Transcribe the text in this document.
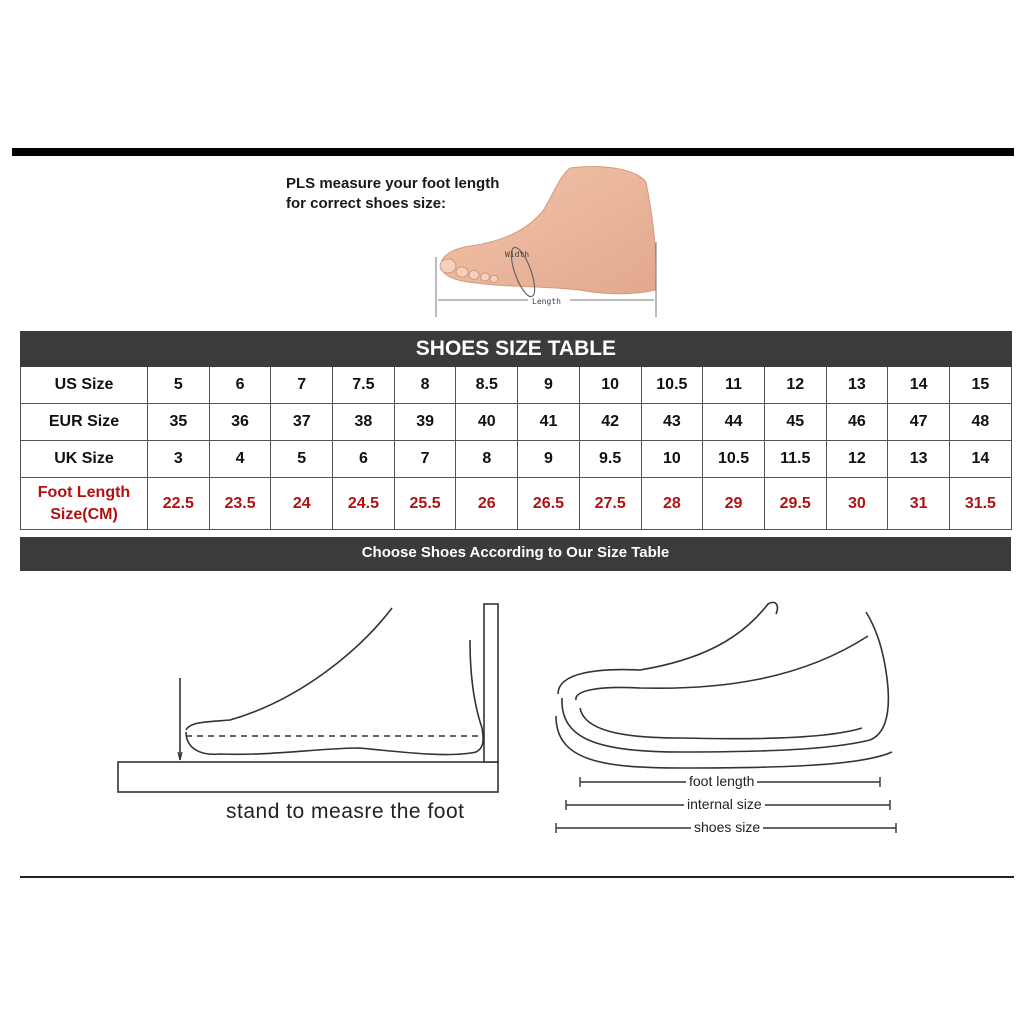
PLS measure your foot length
for correct shoes size:
Width
Length
SHOES SIZE TABLE														
US Size	5	6	7	7.5	8	8.5	9	10	10.5	11	12	13	14	15
EUR Size	35	36	37	38	39	40	41	42	43	44	45	46	47	48
UK Size	3	4	5	6	7	8	9	9.5	10	10.5	11.5	12	13	14

Foot Length
Size(CM)	22.5	23.5	24	24.5	25.5	26	26.5	27.5	28	29	29.5	30	31	31.5
Choose Shoes According to Our Size Table
stand to measre the foot
foot length
internal size
shoes size
